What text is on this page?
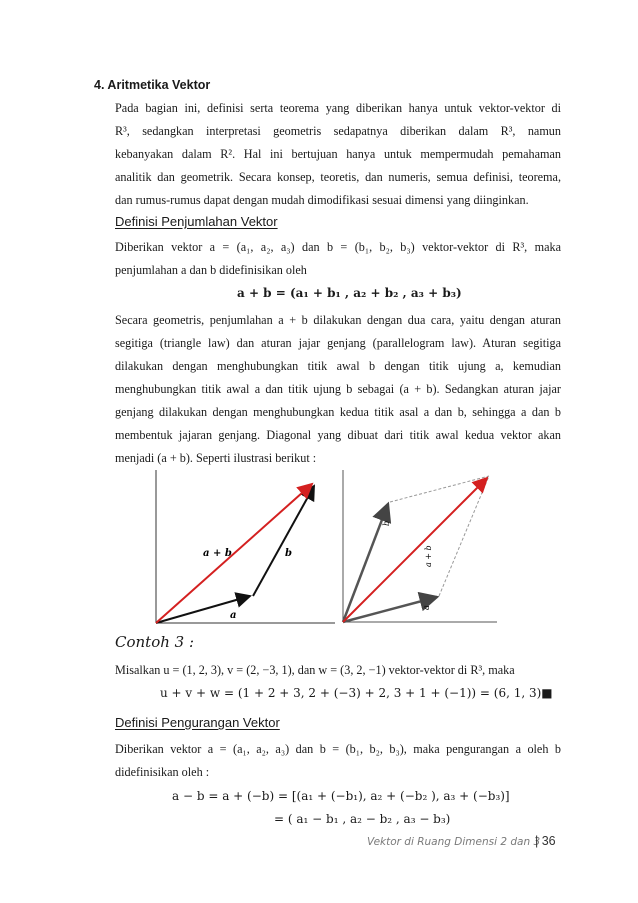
4. Aritmetika Vektor
Pada bagian ini, definisi serta teorema yang diberikan hanya untuk vektor-vektor di
R³, sedangkan interpretasi geometris sedapatnya diberikan dalam R³, namun
kebanyakan dalam R². Hal ini bertujuan hanya untuk mempermudah pemahaman
analitik dan geometrik. Secara konsep, teoretis, dan numeris, semua definisi, teorema,
dan rumus-rumus dapat dengan mudah dimodifikasi sesuai dimensi yang diinginkan.
Definisi Penjumlahan Vektor
Diberikan vektor a = (a₁, a₂, a₃) dan b = (b₁, b₂, b₃) vektor-vektor di R³, maka
penjumlahan a dan b didefinisikan oleh
a + b = (a₁ + b₁ , a₂ + b₂ , a₃ + b₃)
Secara geometris, penjumlahan a + b dilakukan dengan dua cara, yaitu dengan aturan
segitiga (triangle law) dan aturan jajar genjang (parallelogram law). Aturan segitiga
dilakukan dengan menghubungkan titik awal b dengan titik ujung a, kemudian
menghubungkan titik awal a dan titik ujung b sebagai (a + b). Sedangkan aturan jajar
genjang dilakukan dengan menghubungkan kedua titik asal a dan b, sehingga a dan b
membentuk jajaran genjang. Diagonal yang dibuat dari titik awal kedua vektor akan
menjadi (a + b). Seperti ilustrasi berikut :
a + b	b
a
b
a + b
a
Contoh 3 :
Misalkan u = (1, 2, 3), v = (2, −3, 1), dan w = (3, 2, −1) vektor-vektor di R³, maka
u + v + w = (1 + 2 + 3, 2 + (−3) + 2, 3 + 1 + (−1)) = (6, 1, 3)■
Definisi Pengurangan Vektor
Diberikan vektor a = (a₁, a₂, a₃) dan b = (b₁, b₂, b₃), maka pengurangan a oleh b
didefinisikan oleh :
a − b = a + (−b) = [(a₁ + (−b₁), a₂ + (−b₂ ), a₃ + (−b₃)]
= ( a₁ − b₁ , a₂ − b₂ , a₃ − b₃)
Vektor di Ruang Dimensi 2 dan 3
| 36
